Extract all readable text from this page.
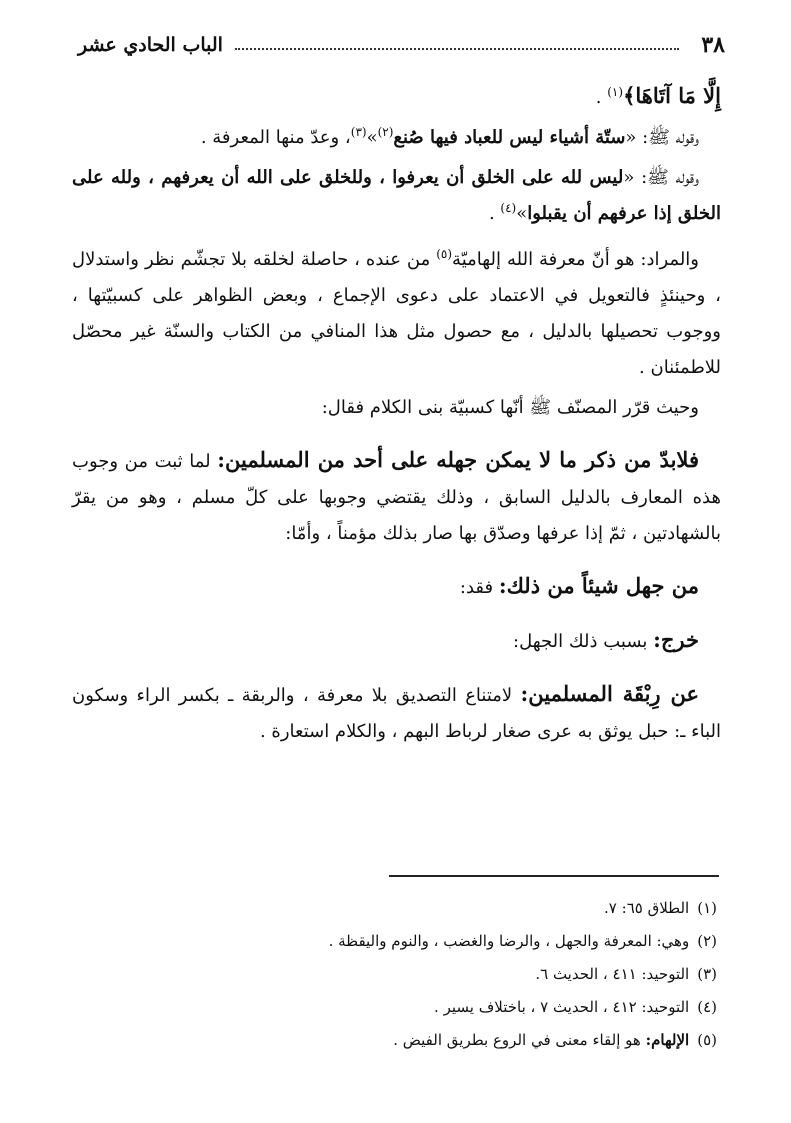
٣٨
الباب الحادي عشر

إِلَّا مَا آتَاهَا﴾$^{(١)}$ .

وقوله ﷺ: «ستّة أشياء ليس للعباد فيها صُنع$^{(٢)}$»$^{(٣)}$، وعدّ منها المعرفة .

وقوله ﷺ: «ليس لله على الخلق أن يعرفوا ، وللخلق على الله أن يعرفهم ، ولله على الخلق إذا عرفهم أن يقبلوا»$^{(٤)}$ .

والمراد: هو أنّ معرفة الله إلهاميّة$^{(٥)}$ من عنده ، حاصلة لخلقه بلا تجشّم نظر واستدلال ، وحينئذٍ فالتعويل في الاعتماد على دعوى الإجماع ، وبعض الظواهر على كسبيّتها ، ووجوب تحصيلها بالدليل ، مع حصول مثل هذا المنافي من الكتاب والسنّة غير محصّل للاطمئنان .

وحيث قرّر المصنّف ﷺ أنّها كسبيّة بنى الكلام فقال:

فلابدّ من ذكر ما لا يمكن جهله على أحد من المسلمين: لما ثبت من وجوب هذه المعارف بالدليل السابق ، وذلك يقتضي وجوبها على كلّ مسلم ، وهو من يقرّ بالشهادتين ، ثمّ إذا عرفها وصدّق بها صار بذلك مؤمناً ، وأمّا:

من جهل شيئاً من ذلك: فقد:

خرج: بسبب ذلك الجهل:

عن رِبْقَة المسلمين: لامتناع التصديق بلا معرفة ، والربقة ـ بكسر الراء وسكون الباء ـ: حبل يوثق به عرى صغار لرباط البهم ، والكلام استعارة .

(١)الطلاق ٦٥: ٧.
(٢)وهي: المعرفة والجهل ، والرضا والغضب ، والنوم واليقظة .
(٣)التوحيد: ٤١١ ، الحديث ٦.
(٤)التوحيد: ٤١٢ ، الحديث ٧ ، باختلاف يسير .
(٥)الإلهام: هو إلقاء معنى في الروع بطريق الفيض .
